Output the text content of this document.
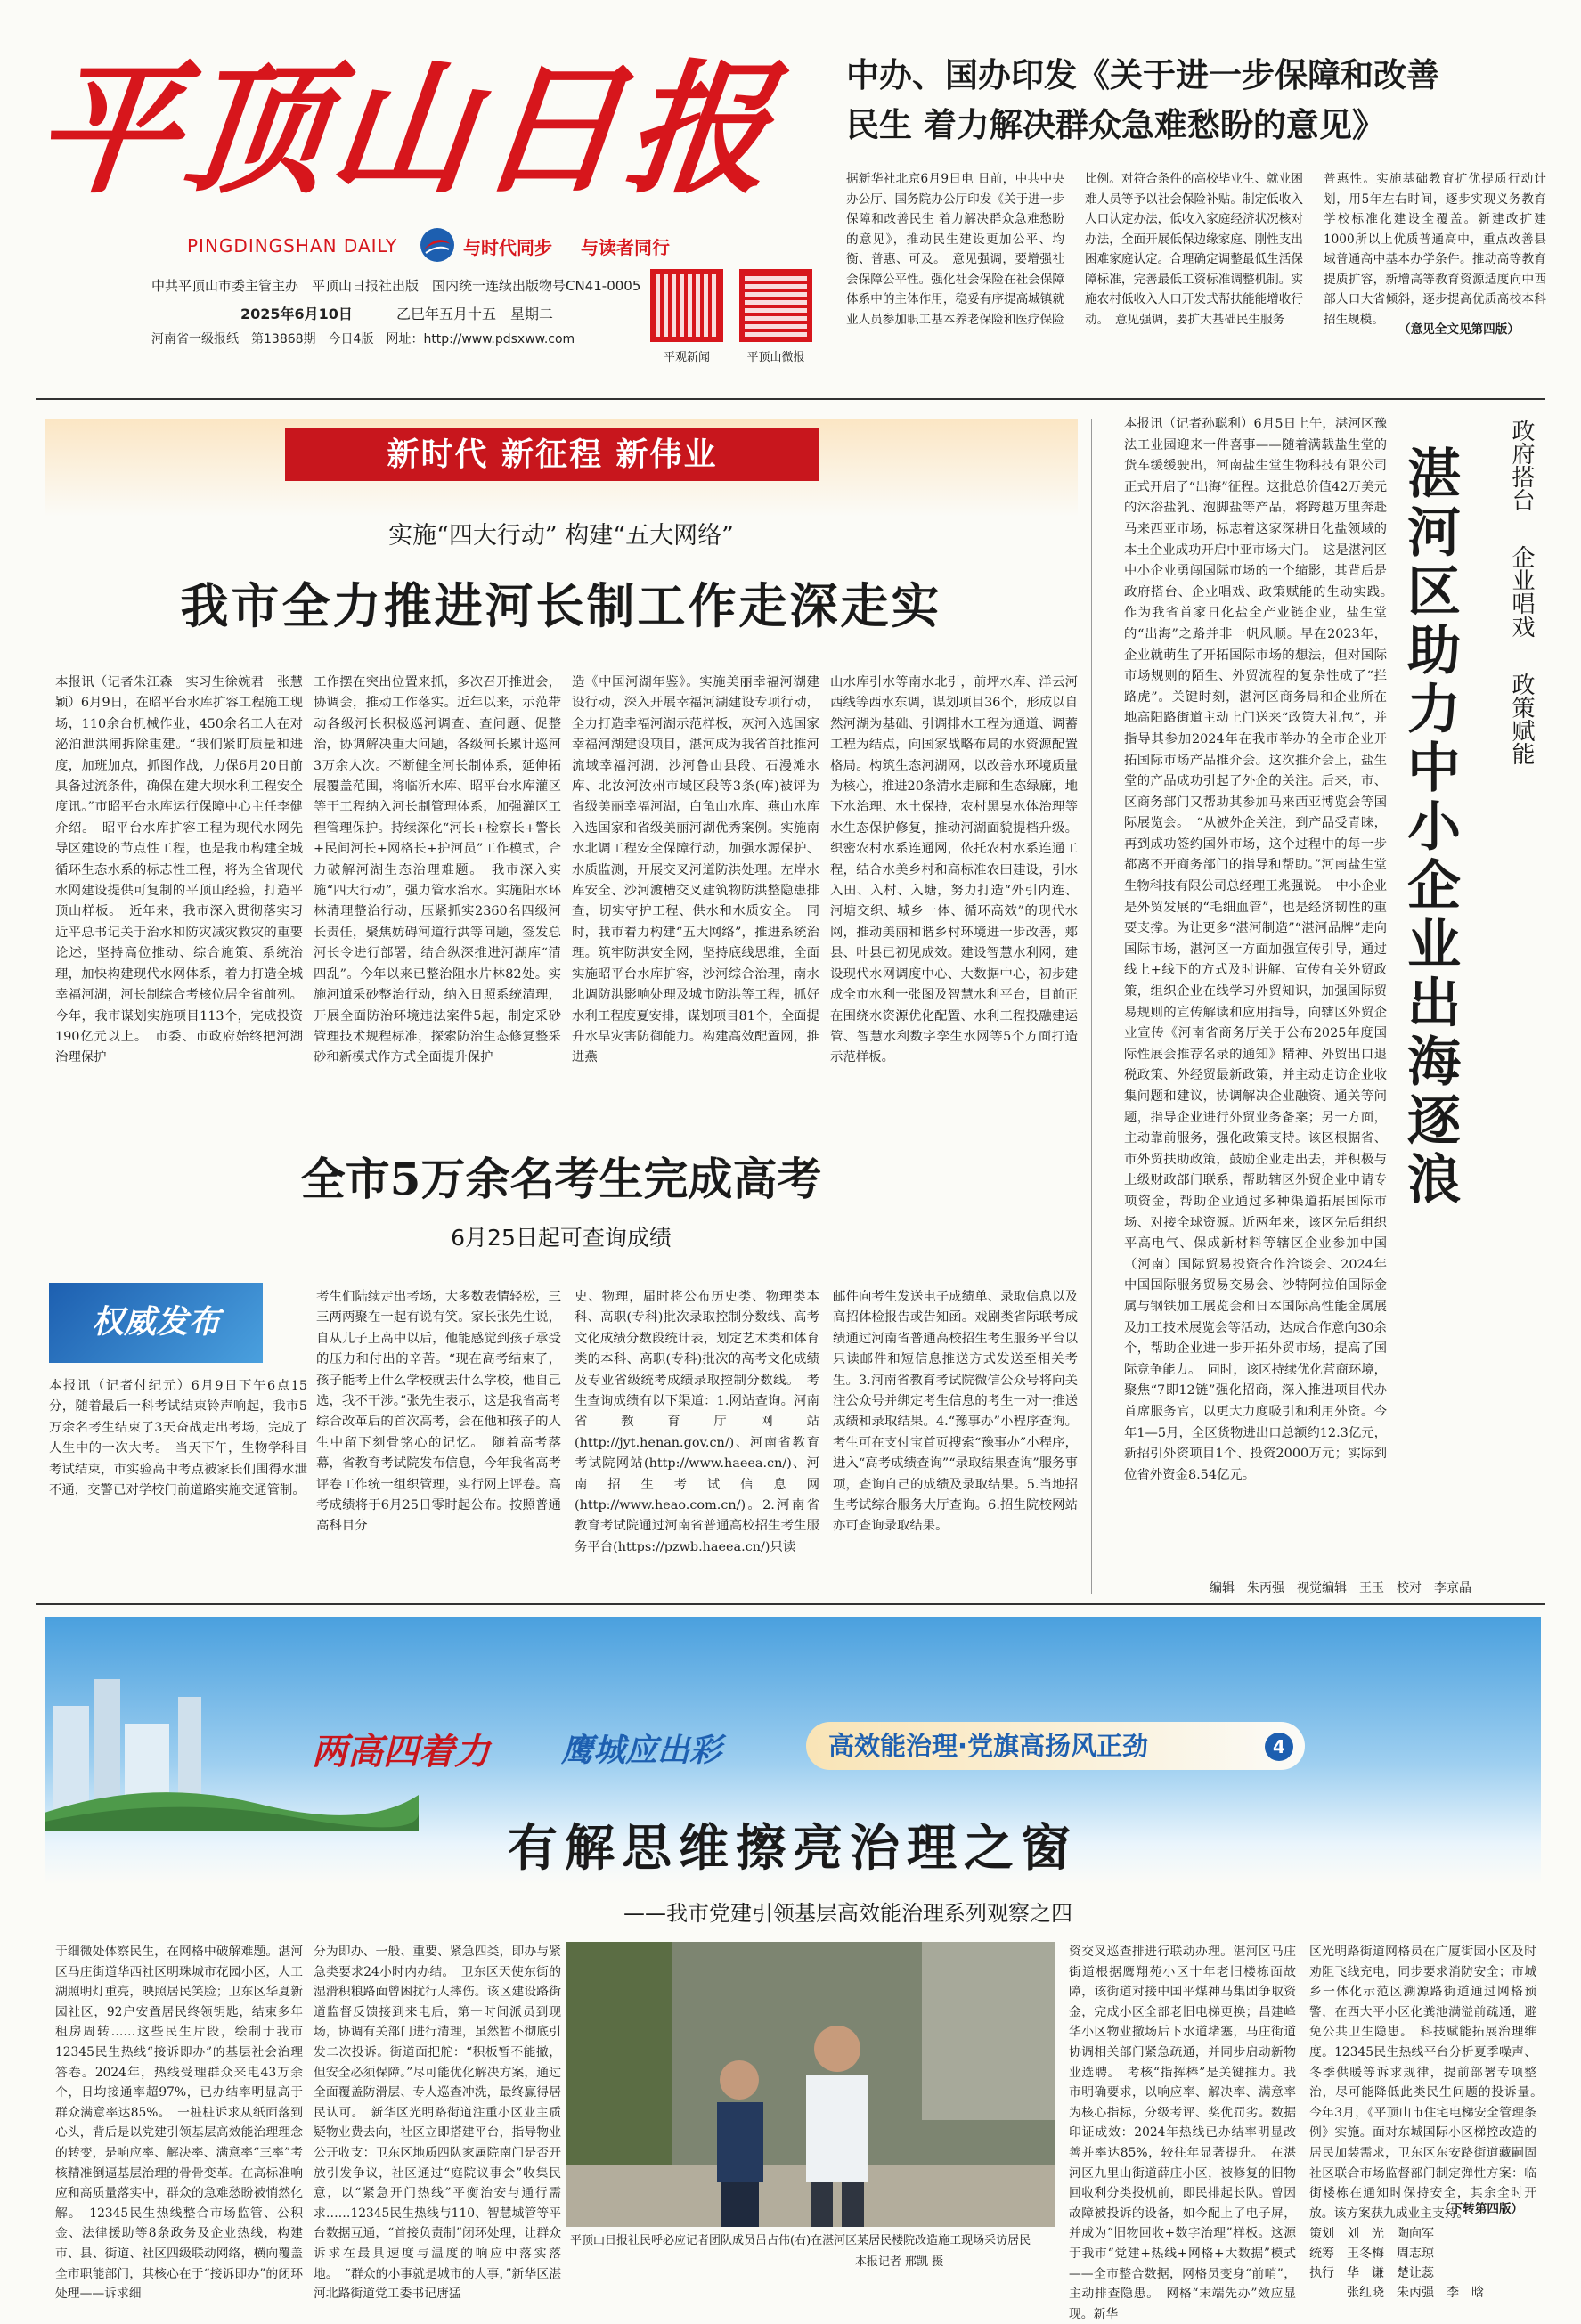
平顶山日报
PINGDINGSHAN DAILY	与时代同步 与读者同行
中共平顶山市委主管主办　平顶山日报社出版　国内统一连续出版物号CN41-0005
2025年6月10日	乙巳年五月十五　星期二
河南省一级报纸　第13868期　今日4版　网址：http://www.pdsxww.com
平观新闻	平顶山微报
中办、国办印发《关于进一步保障和改善
民生 着力解决群众急难愁盼的意见》
据新华社北京6月9日电 日前，中共中央办公厅、国务院办公厅印发《关于进一步保障和改善民生 着力解决群众急难愁盼的意见》，推动民生建设更加公平、均衡、普惠、可及。　意见强调，要增强社会保障公平性。强化社会保险在社会保障体系中的主体作用，稳妥有序提高城镇就业人员参加职工基本养老保险和医疗保险
比例。对符合条件的高校毕业生、就业困难人员等予以社会保险补贴。制定低收入人口认定办法，低收入家庭经济状况核对办法，全面开展低保边缘家庭、刚性支出困难家庭认定。合理确定调整最低生活保障标准，完善最低工资标准调整机制。实施农村低收入人口开发式帮扶能能增收行动。　意见强调，要扩大基础民生服务
普惠性。实施基础教育扩优提质行动计划，用5年左右时间，逐步实现义务教育学校标准化建设全覆盖。新建改扩建1000所以上优质普通高中，重点改善县域普通高中基本办学条件。推动高等教育提质扩容，新增高等教育资源适度向中西部人口大省倾斜，逐步提高优质高校本科招生规模。
（意见全文见第四版）
新时代 新征程 新伟业
实施“四大行动” 构建“五大网络”
我市全力推进河长制工作走深走实
本报讯（记者朱江森　实习生徐婉君　张慧颖）6月9日，在昭平台水库扩容工程施工现场，110余台机械作业，450余名工人在对泌泊泄洪闸拆除重建。“我们紧盯质量和进度，加班加点，抓图作战，力保6月20日前具备过流条件，确保在建大坝水利工程安全度讯。”市昭平台水库运行保障中心主任李健介绍。　昭平台水库扩容工程为现代水网先导区建设的节点性工程，也是我市构建全城循环生态水系的标志性工程，将为全省现代水网建设提供可复制的平顶山经验，打造平顶山样板。　近年来，我市深入贯彻落实习近平总书记关于治水和防灾减灾救灾的重要论述，坚持高位推动、综合施策、系统治理，加快构建现代水网体系，着力打造全城幸福河湖，河长制综合考核位居全省前列。今年，我市谋划实施项目113个，完成投资190亿元以上。　市委、市政府始终把河湖治理保护
工作摆在突出位置来抓，多次召开推进会，协调会，推动工作落实。近年以来，示范带动各级河长积极巡河调查、查问题、促整治，协调解决重大问题，各级河长累计巡河3万余人次。不断健全河长制体系，延伸拓展覆盖范围，将临沂水库、昭平台水库灌区等干工程纳入河长制管理体系，加强灌区工程管理保护。持续深化“河长+检察长+警长+民间河长+网格长+护河员”工作模式，合力破解河湖生态治理难题。　我市深入实施“四大行动”，强力管水治水。实施阳水环林清理整治行动，压紧抓实2360名四级河长责任，聚焦妨碍河道行洪等问题，签发总河长令进行部署，结合纵深推进河湖库“清四乱”。今年以来已整治阻水片林82处。实施河道采砂整治行动，纳入日照系统清理，开展全面防治环境违法案件5起，制定采砂管理技术规程标准，探索防治生态修复整采砂和新模式作方式全面提升保护
造《中国河湖年鉴》。实施美丽幸福河湖建设行动，深入开展幸福河湖建设专项行动，全力打造幸福河湖示范样板，灰河入选国家幸福河湖建设项目，湛河成为我省首批推河流域幸福河湖，沙河鲁山县段、石漫滩水库、北汝河汝州市域区段等3条(库)被评为省级美丽幸福河湖，白龟山水库、燕山水库入选国家和省级美丽河湖优秀案例。实施南水北调工程安全保障行动，加强水源保护、水质监测，开展交叉河道防洪处理。左岸水库安全、沙河渡槽交叉建筑物防洪整隐患排查，切实守护工程、供水和水质安全。　同时，我市着力构建“五大网络”，推进系统治理。筑牢防洪安全网，坚持底线思维，全面实施昭平台水库扩容，沙河综合治理，南水北调防洪影响处理及城市防洪等工程，抓好水利工程度夏安排，谋划项目81个，全面提升水旱灾害防御能力。构建高效配置网，推进燕
山水库引水等南水北引，前坪水库、洋云河西线等西水东调，谋划项目36个，形成以自然河湖为基础、引调排水工程为通道、调蓄工程为结点，向国家战略布局的水资源配置格局。构筑生态河湖网，以改善水环境质量为核心，推进20条清水走廊和生态绿廊，地下水治理、水土保持，农村黑臭水体治理等水生态保护修复，推动河湖面貌提档升级。织密农村水系连通网，依托农村水系连通工程，结合水美乡村和高标准农田建设，引水入田、入村、入塘，努力打造“外引内连、河塘交织、城乡一体、循环高效”的现代水网，推动美丽和谐乡村环境进一步改善，郏县、叶县已初见成效。建设智慧水利网，建设现代水网调度中心、大数据中心，初步建成全市水利一张图及智慧水利平台，目前正在围绕水资源优化配置、水利工程投融建运管、智慧水利数字孪生水网等5个方面打造示范样板。
全市5万余名考生完成高考
6月25日起可查询成绩
权威发布
本报讯（记者付纪元）6月9日下午6点15分，随着最后一科考试结束铃声响起，我市5万余名考生结束了3天奋战走出考场，完成了人生中的一次大考。　当天下午，生物学科目考试结束，市实验高中考点被家长们围得水泄不通，交警已对学校门前道路实施交通管制。
考生们陆续走出考场，大多数表情轻松，三三两两聚在一起有说有笑。家长张先生说，自从儿子上高中以后，他能感觉到孩子承受的压力和付出的辛苦。“现在高考结束了，孩子能考上什么学校就去什么学校，他自己选，我不干涉。”张先生表示，这是我省高考综合改革后的首次高考，会在他和孩子的人生中留下刻骨铭心的记忆。　随着高考落幕，省教育考试院发布信息，今年我省高考评卷工作统一组织管理，实行网上评卷。高考成绩将于6月25日零时起公布。按照普通高科目分
史、物理，届时将公布历史类、物理类本科、高职(专科)批次录取控制分数线、高考文化成绩分数段统计表，划定艺术类和体育类的本科、高职(专科)批次的高考文化成绩及专业省级统考成绩录取控制分数线。　考生查询成绩有以下渠道：1.网站查询。河南省教育厅网站(http://jyt.henan.gov.cn/)、河南省教育考试院网站(http://www.haeea.cn/)、河南招生考试信息网(http://www.heao.com.cn/)。2.河南省教育考试院通过河南省普通高校招生考生服务平台(https://pzwb.haeea.cn/)只读
邮件向考生发送电子成绩单、录取信息以及高招体检报告或告知函。戏剧类省际联考成绩通过河南省普通高校招生考生服务平台以只读邮件和短信息推送方式发送至相关考生。3.河南省教育考试院微信公众号将向关注公众号并绑定考生信息的考生一对一推送成绩和录取结果。4.“豫事办”小程序查询。考生可在支付宝首页搜索“豫事办”小程序，进入“高考成绩查询”“录取结果查询”服务事项，查询自己的成绩及录取结果。5.当地招生考试综合服务大厅查询。6.招生院校网站亦可查询录取结果。
本报讯（记者孙聪利）6月5日上午，湛河区豫法工业园迎来一件喜事——随着满载盐生堂的货车缓缓驶出，河南盐生堂生物科技有限公司正式开启了“出海”征程。这批总价值42万美元的沐浴盐乳、泡脚盐等产品，将跨越万里奔赴马来西亚市场，标志着这家深耕日化盐领域的本土企业成功开启中亚市场大门。　这是湛河区中小企业勇闯国际市场的一个缩影，其背后是政府搭台、企业唱戏、政策赋能的生动实践。　作为我省首家日化盐全产业链企业，盐生堂的“出海”之路并非一帆风顺。早在2023年，企业就萌生了开拓国际市场的想法，但对国际市场规则的陌生、外贸流程的复杂性成了“拦路虎”。关键时刻，湛河区商务局和企业所在地高阳路街道主动上门送来“政策大礼包”，并指导其参加2024年在我市举办的全市企业开拓国际市场产品推介会。这次推介会上，盐生堂的产品成功引起了外企的关注。后来，市、区商务部门又帮助其参加马来西亚博览会等国际展览会。　“从被外企关注，到产品受青睐，再到成功签约国外市场，这个过程中的每一步都离不开商务部门的指导和帮助。”河南盐生堂生物科技有限公司总经理王兆强说。　中小企业是外贸发展的“毛细血管”，也是经济韧性的重要支撑。为让更多“湛河制造”“湛河品牌”走向国际市场，湛河区一方面加强宣传引导，通过线上+线下的方式及时讲解、宣传有关外贸政策，组织企业在线学习外贸知识，加强国际贸易规则的宣传解读和应用指导，向辖区外贸企业宣传《河南省商务厅关于公布2025年度国际性展会推荐名录的通知》精神、外贸出口退税政策、外经贸最新政策，并主动走访企业收集问题和建议，协调解决企业融资、通关等问题，指导企业进行外贸业务备案；另一方面，主动靠前服务，强化政策支持。该区根据省、市外贸扶助政策，鼓励企业走出去，并积极与上级财政部门联系，帮助辖区外贸企业申请专项资金，帮助企业通过多种渠道拓展国际市场、对接全球资源。近两年来，该区先后组织平高电气、保成新材料等辖区企业参加中国（河南）国际贸易投资合作洽谈会、2024年中国国际服务贸易交易会、沙特阿拉伯国际金属与钢铁加工展览会和日本国际高性能金属展及加工技术展览会等活动，达成合作意向30余个，帮助企业进一步开拓外贸市场，提高了国际竞争能力。　同时，该区持续优化营商环境，聚焦“7即12链”强化招商，深入推进项目代办首席服务官，以更大力度吸引和利用外资。今年1—5月，全区货物进出口总额约12.3亿元，新招引外资项目1个、投资2000万元；实际到位省外资金8.54亿元。
湛河区助力中小企业出海逐浪 政府搭台
企业唱戏
政策赋能
编辑　朱丙强　视觉编辑　王玉　校对　李京晶
两高四着力 鹰城应出彩	高效能治理·党旗高扬风正劲	4
有解思维擦亮治理之窗
——我市党建引领基层高效能治理系列观察之四
于细微处体察民生，在网格中破解难题。湛河区马庄街道华西社区明珠城市花园小区，人工湖照明灯重亮，映照居民笑脸；卫东区华夏新园社区，92户安置居民终领钥匙，结束多年租房周转……这些民生片段，绘制于我市12345民生热线“接诉即办”的基层社会治理答卷。2024年，热线受理群众来电43万余个，日均接通率超97%，已办结率明显高于群众满意率达85%。　一桩桩诉求从纸面落到心头，背后是以党建引领基层高效能治理理念的转变，是响应率、解决率、满意率“三率”考核精准倒逼基层治理的骨骨变革。在高标准响应和高质量落实中，群众的急难愁盼被悄然化解。　12345民生热线整合市场监管、公积金、法律援助等8条政务及企业热线，构建市、县、街道、社区四级联动网络，横向覆盖全市职能部门，其核心在于“接诉即办”的闭环处理——诉求细
分为即办、一般、重要、紧急四类，即办与紧急类要求24小时内办结。　卫东区天使东街的湿滑积粮路面曾困扰行人摔伤。该区建设路街道监督反馈接到来电后，第一时间派员到现场，协调有关部门进行清理，虽然暂不彻底引发二次投诉。街道面把舵：“积板暂不能撤，但安全必须保障。”尽可能优化解决方案，通过全面覆盖防滑层、专人巡查冲洗，最终赢得居民认可。　新华区光明路街道注重小区业主质疑物业费去向，社区立即搭建平台，指导物业公开收支：卫东区地质四队家属院南门是否开放引发争议，社区通过“庭院议事会”收集民意，以“紧急开门热线”平衡治安与通行需求……12345民生热线与110、智慧城管等平台数据互通，“首接负责制”闭环处理，让群众诉求在最具速度与温度的响应中落实落地。　“群众的小事就是城市的大事，”新华区湛河北路街道党工委书记唐猛
平顶山日报社民呼必应记者团队成员吕占伟(右)在湛河区某居民楼院改造施工现场采访居民
本报记者 邢凯 摄
资交叉巡查排进行联动办理。湛河区马庄街道根据鹰翔苑小区十年老旧楼栋面故障，该街道对接中国平煤神马集团争取资金，完成小区全部老旧电梯更换；昌建峰华小区物业撤场后下水道堵塞，马庄街道协调相关部门紧急疏通，并同步启动新物业选聘。　考核“指挥棒”是关键推力。我市明确要求，以响应率、解决率、满意率为核心指标，分级考评、奖优罚劣。数据印证成效：2024年热线已办结率明显改善并率达85%，较往年显著提升。　在湛河区九里山街道薛庄小区，被修复的旧物回收利分类投机前，即民排起长队。曾因故障被投诉的设备，如今配上了电子屏，并成为“旧物回收+数字治理”样板。这源于我市“党建+热线+网格+大数据”模式——全市整合数据，网格员变身“前哨”，主动排查隐患。　网格“末端先办”效应显现。新华
区光明路街道网格员在广厦街园小区及时劝阻飞线充电，同步要求消防安全；市城乡一体化示范区溯源路街道通过网格预警，在西大平小区化粪池满溢前疏通，避免公共卫生隐患。　科技赋能拓展治理维度。12345民生热线平台分析夏季噪声、冬季供暖等诉求规律，提前部署专项整治，尽可能降低此类民生问题的投诉量。　今年3月，《平顶山市住宅电梯安全管理条例》实施。面对东城国际小区梯控改造的居民加装需求，卫东区东安路街道藏嗣固社区联合市场监督部门制定弹性方案：临街楼栋在通知时保持安全，其余全时开放。该方案获九成业主支持。
（下转第四版）
策划　刘　光　陶向军
统筹　王冬梅　周志琼
执行　华　谦　楚让蕊
　　　张红晓　朱丙强　李　晗
